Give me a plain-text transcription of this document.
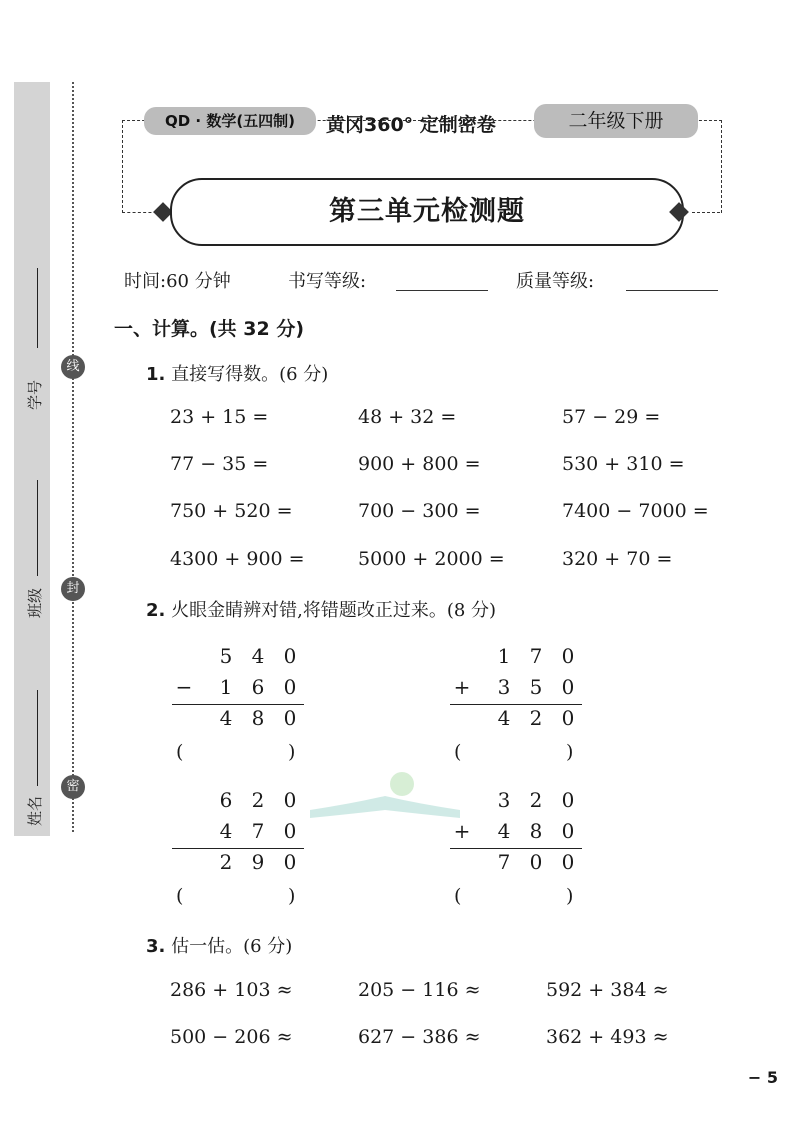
学号
班级
姓名
线
封
密
QD · 数学(五四制)	黄冈360° 定制密卷	二年级下册
第三单元检测题
时间:60 分钟	书写等级:	质量等级:
一、计算。(共 32 分)
1. 直接写得数。(6 分)
23 + 15 =	48 + 32 =	57 − 29 =
77 − 35 =	900 + 800 =	530 + 310 =
750 + 520 =	700 − 300 =	7400 − 7000 =
4300 + 900 =	5000 + 2000 =	320 + 70 =
2. 火眼金睛辨对错,将错题改正过来。(8 分)
5 4 0
− 1 6 0
4 8 0
(	)
1 7 0
+ 3 5 0
4 2 0
(	)
6 2 0
4 7 0
2 9 0
(	)
3 2 0
+ 4 8 0
7 0 0
(	)
3. 估一估。(6 分)
286 + 103 ≈	205 − 116 ≈	592 + 384 ≈
500 − 206 ≈	627 − 386 ≈	362 + 493 ≈
− 5
